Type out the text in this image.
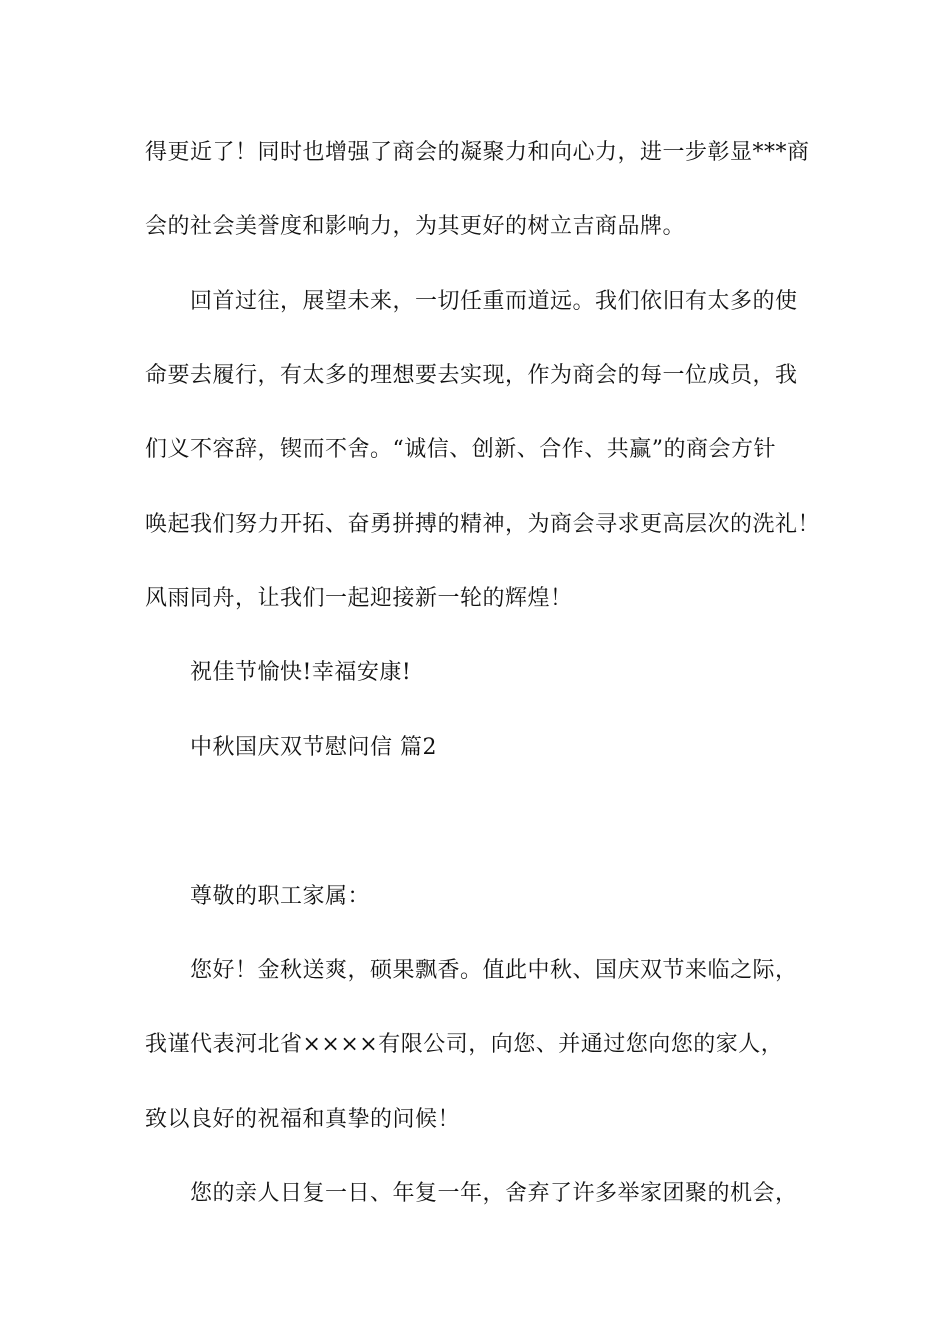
得更近了！同时也增强了商会的凝聚力和向心力，进一步彰显***商
会的社会美誉度和影响力，为其更好的树立吉商品牌。
回首过往，展望未来，一切任重而道远。我们依旧有太多的使
命要去履行，有太多的理想要去实现，作为商会的每一位成员，我
们义不容辞，锲而不舍。“诚信、创新、合作、共赢”的商会方针
唤起我们努力开拓、奋勇拼搏的精神，为商会寻求更高层次的洗礼！
风雨同舟，让我们一起迎接新一轮的辉煌！
祝佳节愉快!幸福安康!
中秋国庆双节慰问信 篇2
尊敬的职工家属：
您好！金秋送爽，硕果飘香。值此中秋、国庆双节来临之际，
我谨代表河北省××××有限公司，向您、并通过您向您的家人，
致以良好的祝福和真挚的问候！
您的亲人日复一日、年复一年，舍弃了许多举家团聚的机会，
